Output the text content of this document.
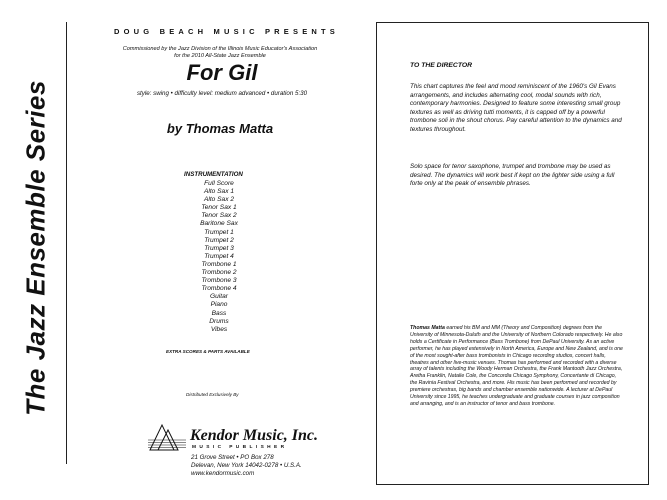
The Jazz Ensemble Series
DOUG BEACH MUSIC PRESENTS
Commissioned by the Jazz Division of the Illinois Music Educator's Association
for the 2010 All-State Jazz Ensemble
For Gil
style: swing • difficulty level: medium advanced • duration 5:30
by Thomas Matta
INSTRUMENTATION
Full Score
Alto Sax 1
Alto Sax 2
Tenor Sax 1
Tenor Sax 2
Baritone Sax
Trumpet 1
Trumpet 2
Trumpet 3
Trumpet 4
Trombone 1
Trombone 2
Trombone 3
Trombone 4
Guitar
Piano
Bass
Drums
Vibes
EXTRA SCORES & PARTS AVAILABLE
Distributed Exclusively By
Kendor Music, Inc.
MUSIC PUBLISHER
21 Grove Street • PO Box 278
Delevan, New York 14042-0278 • U.S.A.
www.kendormusic.com
TO THE DIRECTOR

This chart captures the feel and mood reminiscent of the 1960's Gil Evans arrangements, and includes alternating cool, modal sounds with rich, contemporary harmonies. Designed to feature some interesting small group textures as well as driving tutti moments, it is capped off by a powerful trombone soli in the shout chorus. Pay careful attention to the dynamics and textures throughout.

Solo space for tenor saxophone, trumpet and trombone may be used as desired. The dynamics will work best if kept on the lighter side using a full forte only at the peak of ensemble phrases.

Thomas Matta earned his BM and MM (Theory and Composition) degrees from the University of Minnesota-Duluth and the University of Northern Colorado respectively. He also holds a Certificate in Performance (Bass Trombone) from DePaul University. As an active performer, he has played extensively in North America, Europe and New Zealand, and is one of the most sought-after bass trombonists in Chicago recording studios, concert halls, theatres and other live-music venues. Thomas has performed and recorded with a diverse array of talents including the Woody Herman Orchestra, the Frank Mantooth Jazz Orchestra, Aretha Franklin, Natalie Cole, the Concordia Chicago Symphony, Concertante di Chicago, the Ravinia Festival Orchestra, and more. His music has been performed and recorded by premiere orchestras, big bands and chamber ensemble nationwide. A lecturer at DePaul University since 1995, he teaches undergraduate and graduate courses in jazz composition and arranging, and is an instructor of tenor and bass trombone.
